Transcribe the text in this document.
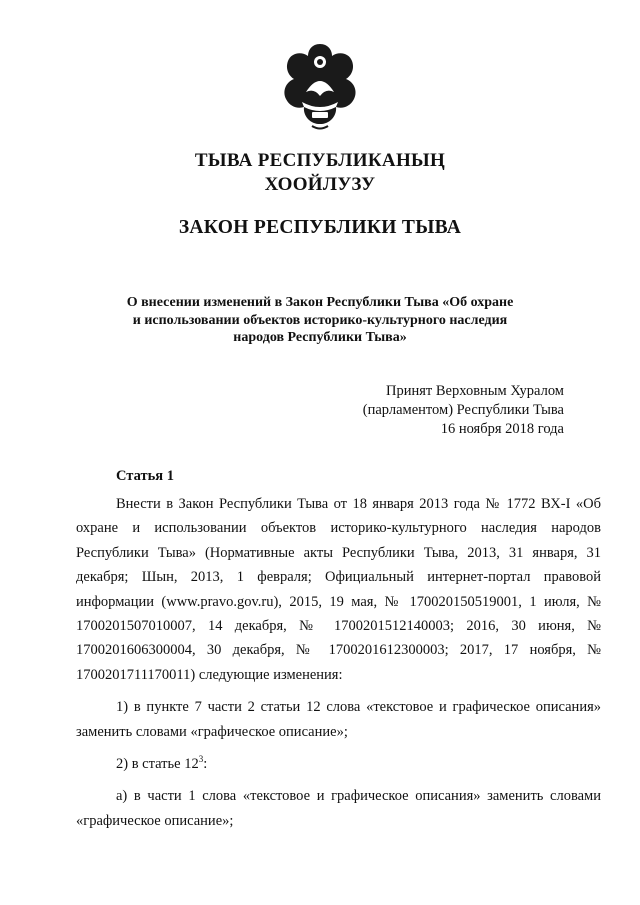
ТЫВА РЕСПУБЛИКАНЫҢ
ХООЙЛУЗУ
ЗАКОН РЕСПУБЛИКИ ТЫВА
О внесении изменений в Закон Республики Тыва «Об охране
и использовании объектов историко-культурного наследия
народов Республики Тыва»
Принят Верховным Хуралом
(парламентом) Республики Тыва
16 ноября 2018 года
Статья 1

Внести в Закон Республики Тыва от 18 января 2013 года № 1772 ВХ-I «Об охране и использовании объектов историко-культурного наследия народов Республики Тыва» (Нормативные акты Республики Тыва, 2013, 31 января, 31 декабря; Шын, 2013, 1 февраля; Официальный интернет-портал правовой информации (www.pravo.gov.ru), 2015, 19 мая, № 170020150519001, 1 июля, № 1700201507010007, 14 декабря, № 1700201512140003; 2016, 30 июня, № 1700201606300004, 30 декабря, № 1700201612300003; 2017, 17 ноября, № 1700201711170011) следующие изменения:

1) в пункте 7 части 2 статьи 12 слова «текстовое и графическое описания» заменить словами «графическое описание»;

2) в статье $12^3$:

а) в части 1 слова «текстовое и графическое описания» заменить словами «графическое описание»;
